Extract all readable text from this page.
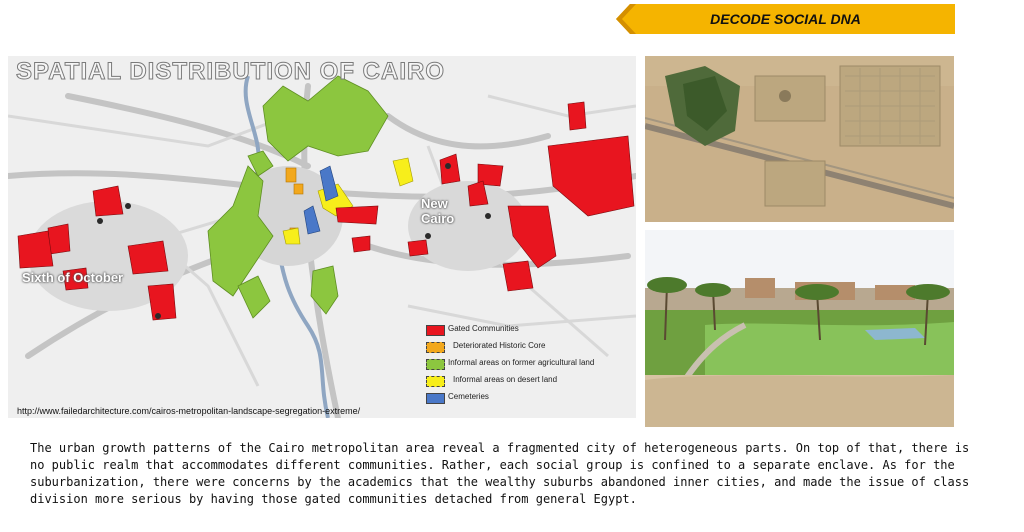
DECODE SOCIAL DNA
SPATIAL DISTRIBUTION OF CAIRO
New Cairo
Sixth of October
Gated Communities
Deteriorated Historic Core
Informal areas on former agricultural land
Informal areas on desert land
Cemeteries
http://www.failedarchitecture.com/cairos-metropolitan-landscape-segregation-extreme/

The urban growth patterns of the Cairo metropolitan area reveal a fragmented city of heterogeneous parts. On top of that, there is no public realm that accommodates different communities. Rather, each social group is confined to a separate enclave. As for the suburbanization, there were concerns by the academics that the wealthy suburbs abandoned inner cities, and made the issue of class division more serious by having those gated communities detached from general Egypt.
